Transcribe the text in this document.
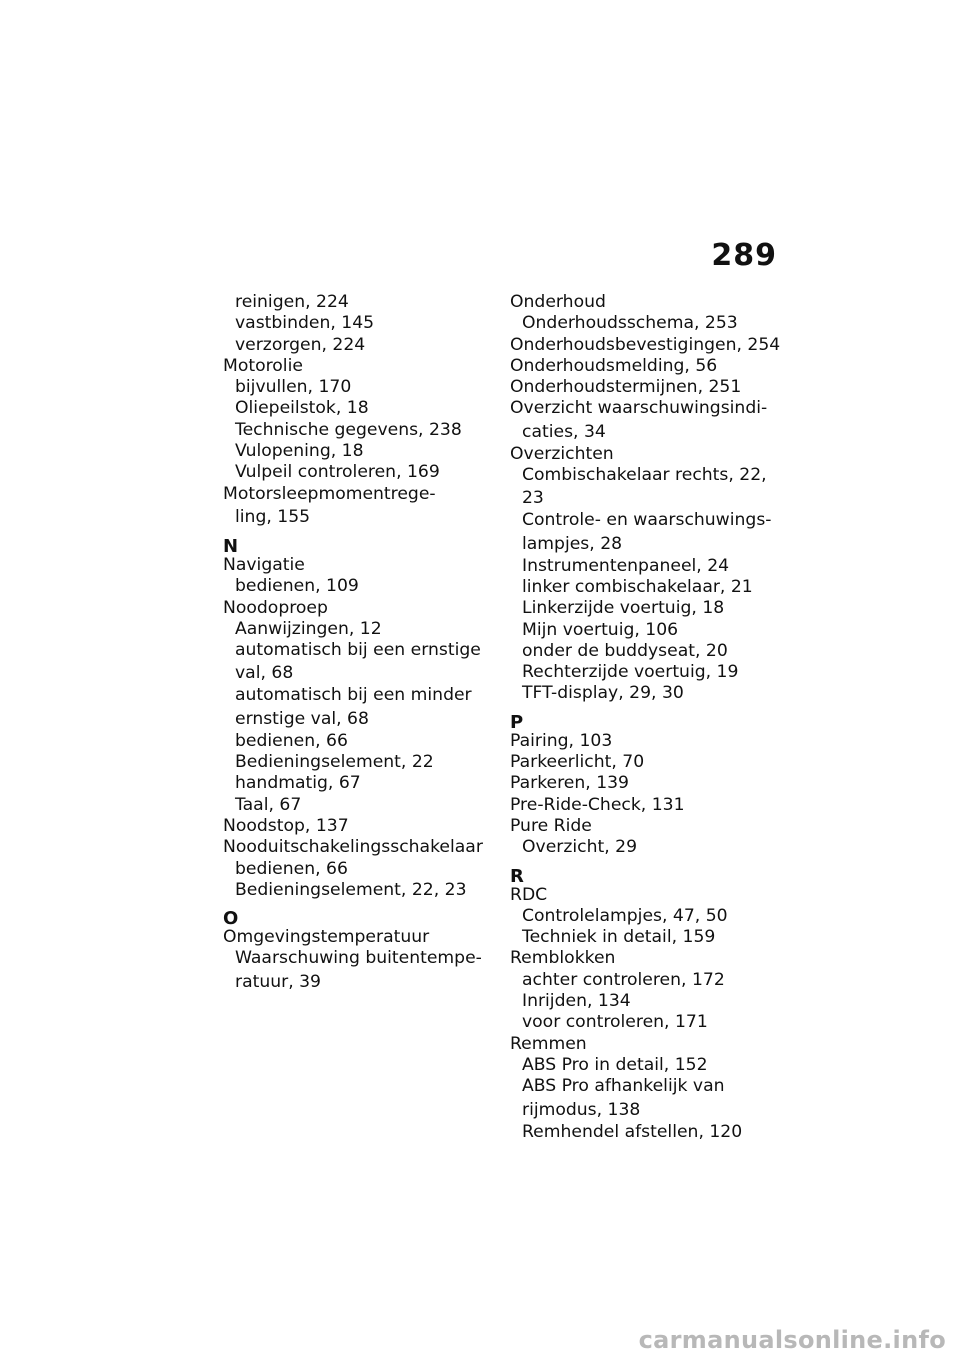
289
reinigen, 224
vastbinden, 145
verzorgen, 224
Motorolie
bijvullen, 170
Oliepeilstok, 18
Technische gegevens, 238
Vulopening, 18
Vulpeil controleren, 169
Motorsleepmomentrege-
ling, 155
N
Navigatie
bedienen, 109
Noodoproep
Aanwijzingen, 12
automatisch bij een ernstige
val, 68
automatisch bij een minder
ernstige val, 68
bedienen, 66
Bedieningselement, 22
handmatig, 67
Taal, 67
Noodstop, 137
Nooduitschakelingsschakelaar
bedienen, 66
Bedieningselement, 22, 23
O
Omgevingstemperatuur
Waarschuwing buitentempe-
ratuur, 39
Onderhoud
Onderhoudsschema, 253
Onderhoudsbevestigingen, 254
Onderhoudsmelding, 56
Onderhoudstermijnen, 251
Overzicht waarschuwingsindi-
caties, 34
Overzichten
Combischakelaar rechts, 22,
23
Controle- en waarschuwings-
lampjes, 28
Instrumentenpaneel, 24
linker combischakelaar, 21
Linkerzijde voertuig, 18
Mijn voertuig, 106
onder de buddyseat, 20
Rechterzijde voertuig, 19
TFT-display, 29, 30
P
Pairing, 103
Parkeerlicht, 70
Parkeren, 139
Pre-Ride-Check, 131
Pure Ride
Overzicht, 29
R
RDC
Controlelampjes, 47, 50
Techniek in detail, 159
Remblokken
achter controleren, 172
Inrijden, 134
voor controleren, 171
Remmen
ABS Pro in detail, 152
ABS Pro afhankelijk van
rijmodus, 138
Remhendel afstellen, 120
carmanualsonline.info
